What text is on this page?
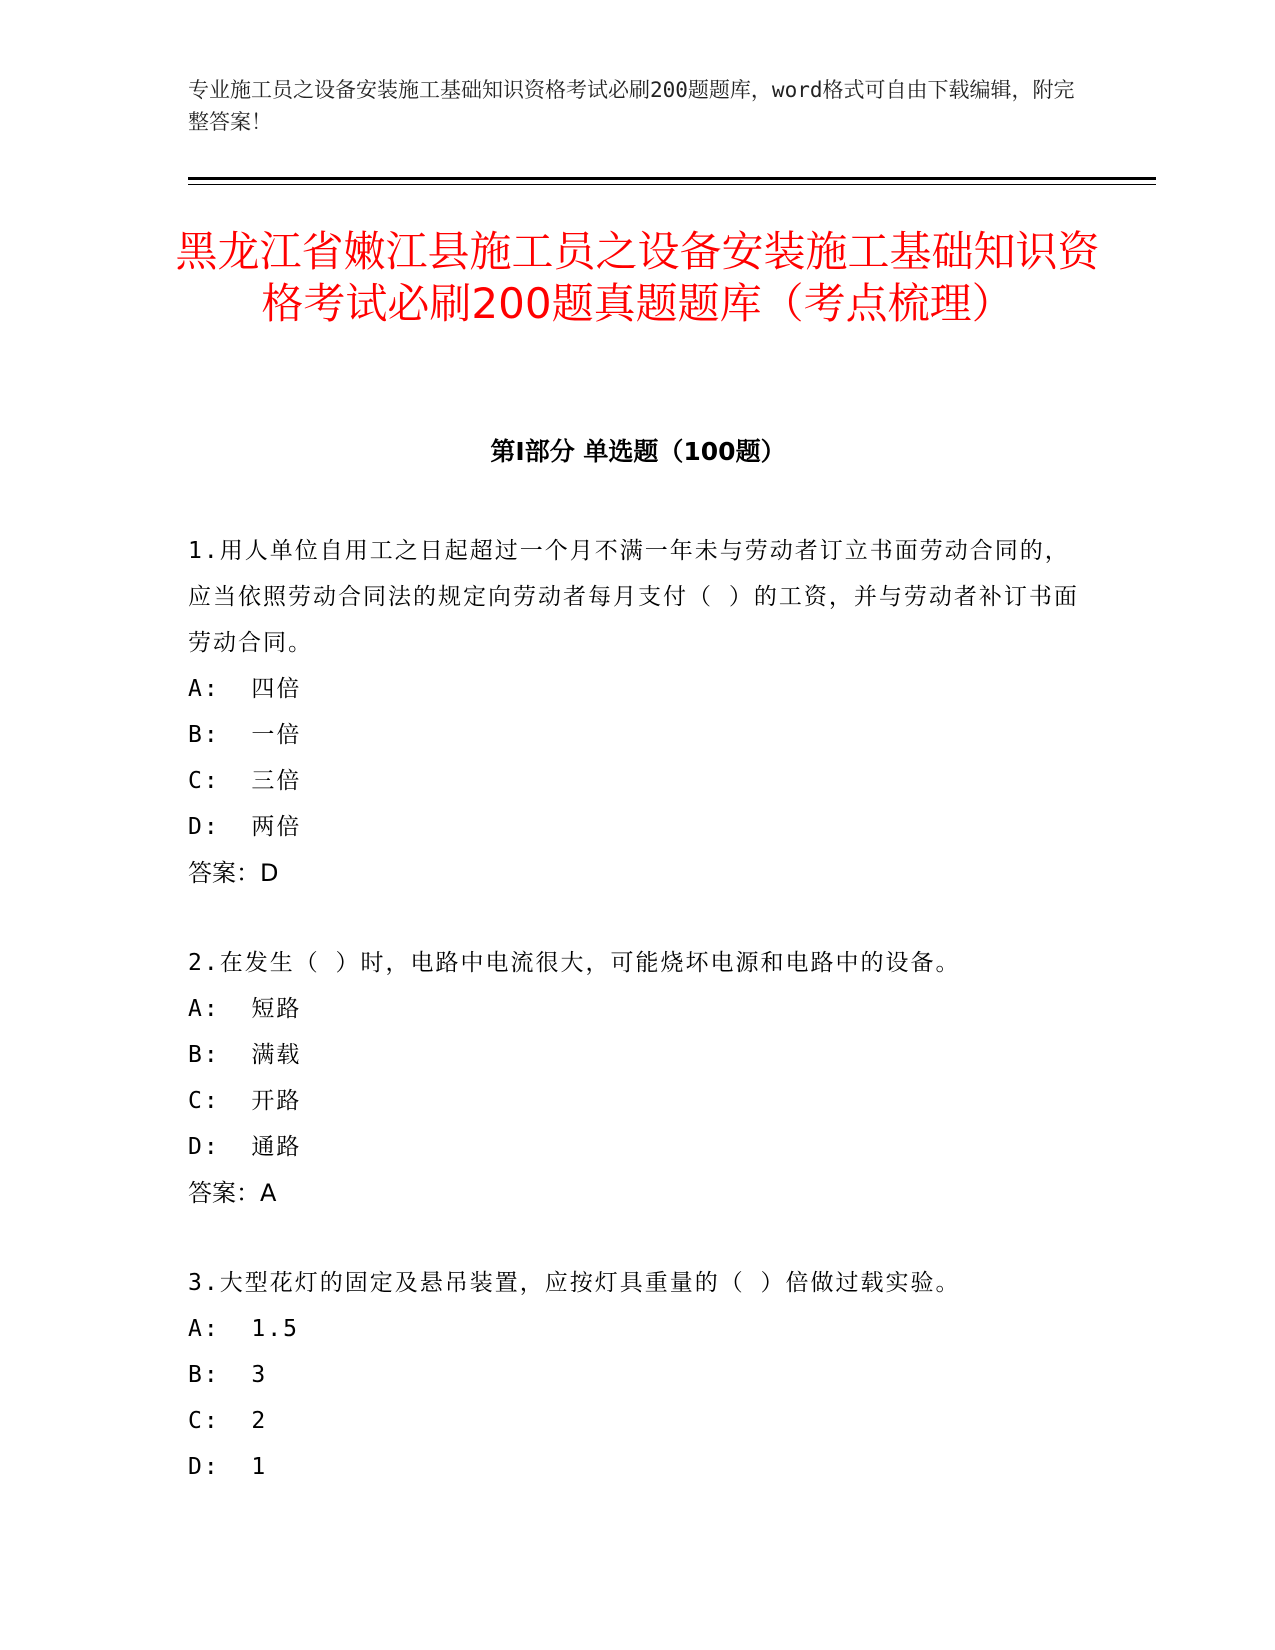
专业施工员之设备安装施工基础知识资格考试必刷200题题库，word格式可自由下载编辑，附完整答案！
黑龙江省嫩江县施工员之设备安装施工基础知识资格考试必刷200题真题题库（考点梳理）
第Ⅰ部分 单选题（100题）

1.用人单位自用工之日起超过一个月不满一年未与劳动者订立书面劳动合同的，应当依照劳动合同法的规定向劳动者每月支付（ ）的工资，并与劳动者补订书面劳动合同。

A:  四倍

B:  一倍

C:  三倍

D:  两倍

答案：D

2.在发生（ ）时，电路中电流很大，可能烧坏电源和电路中的设备。

A:  短路

B:  满载

C:  开路

D:  通路

答案：A

3.大型花灯的固定及悬吊装置，应按灯具重量的（ ）倍做过载实验。

A:  1.5

B:  3

C:  2

D:  1
